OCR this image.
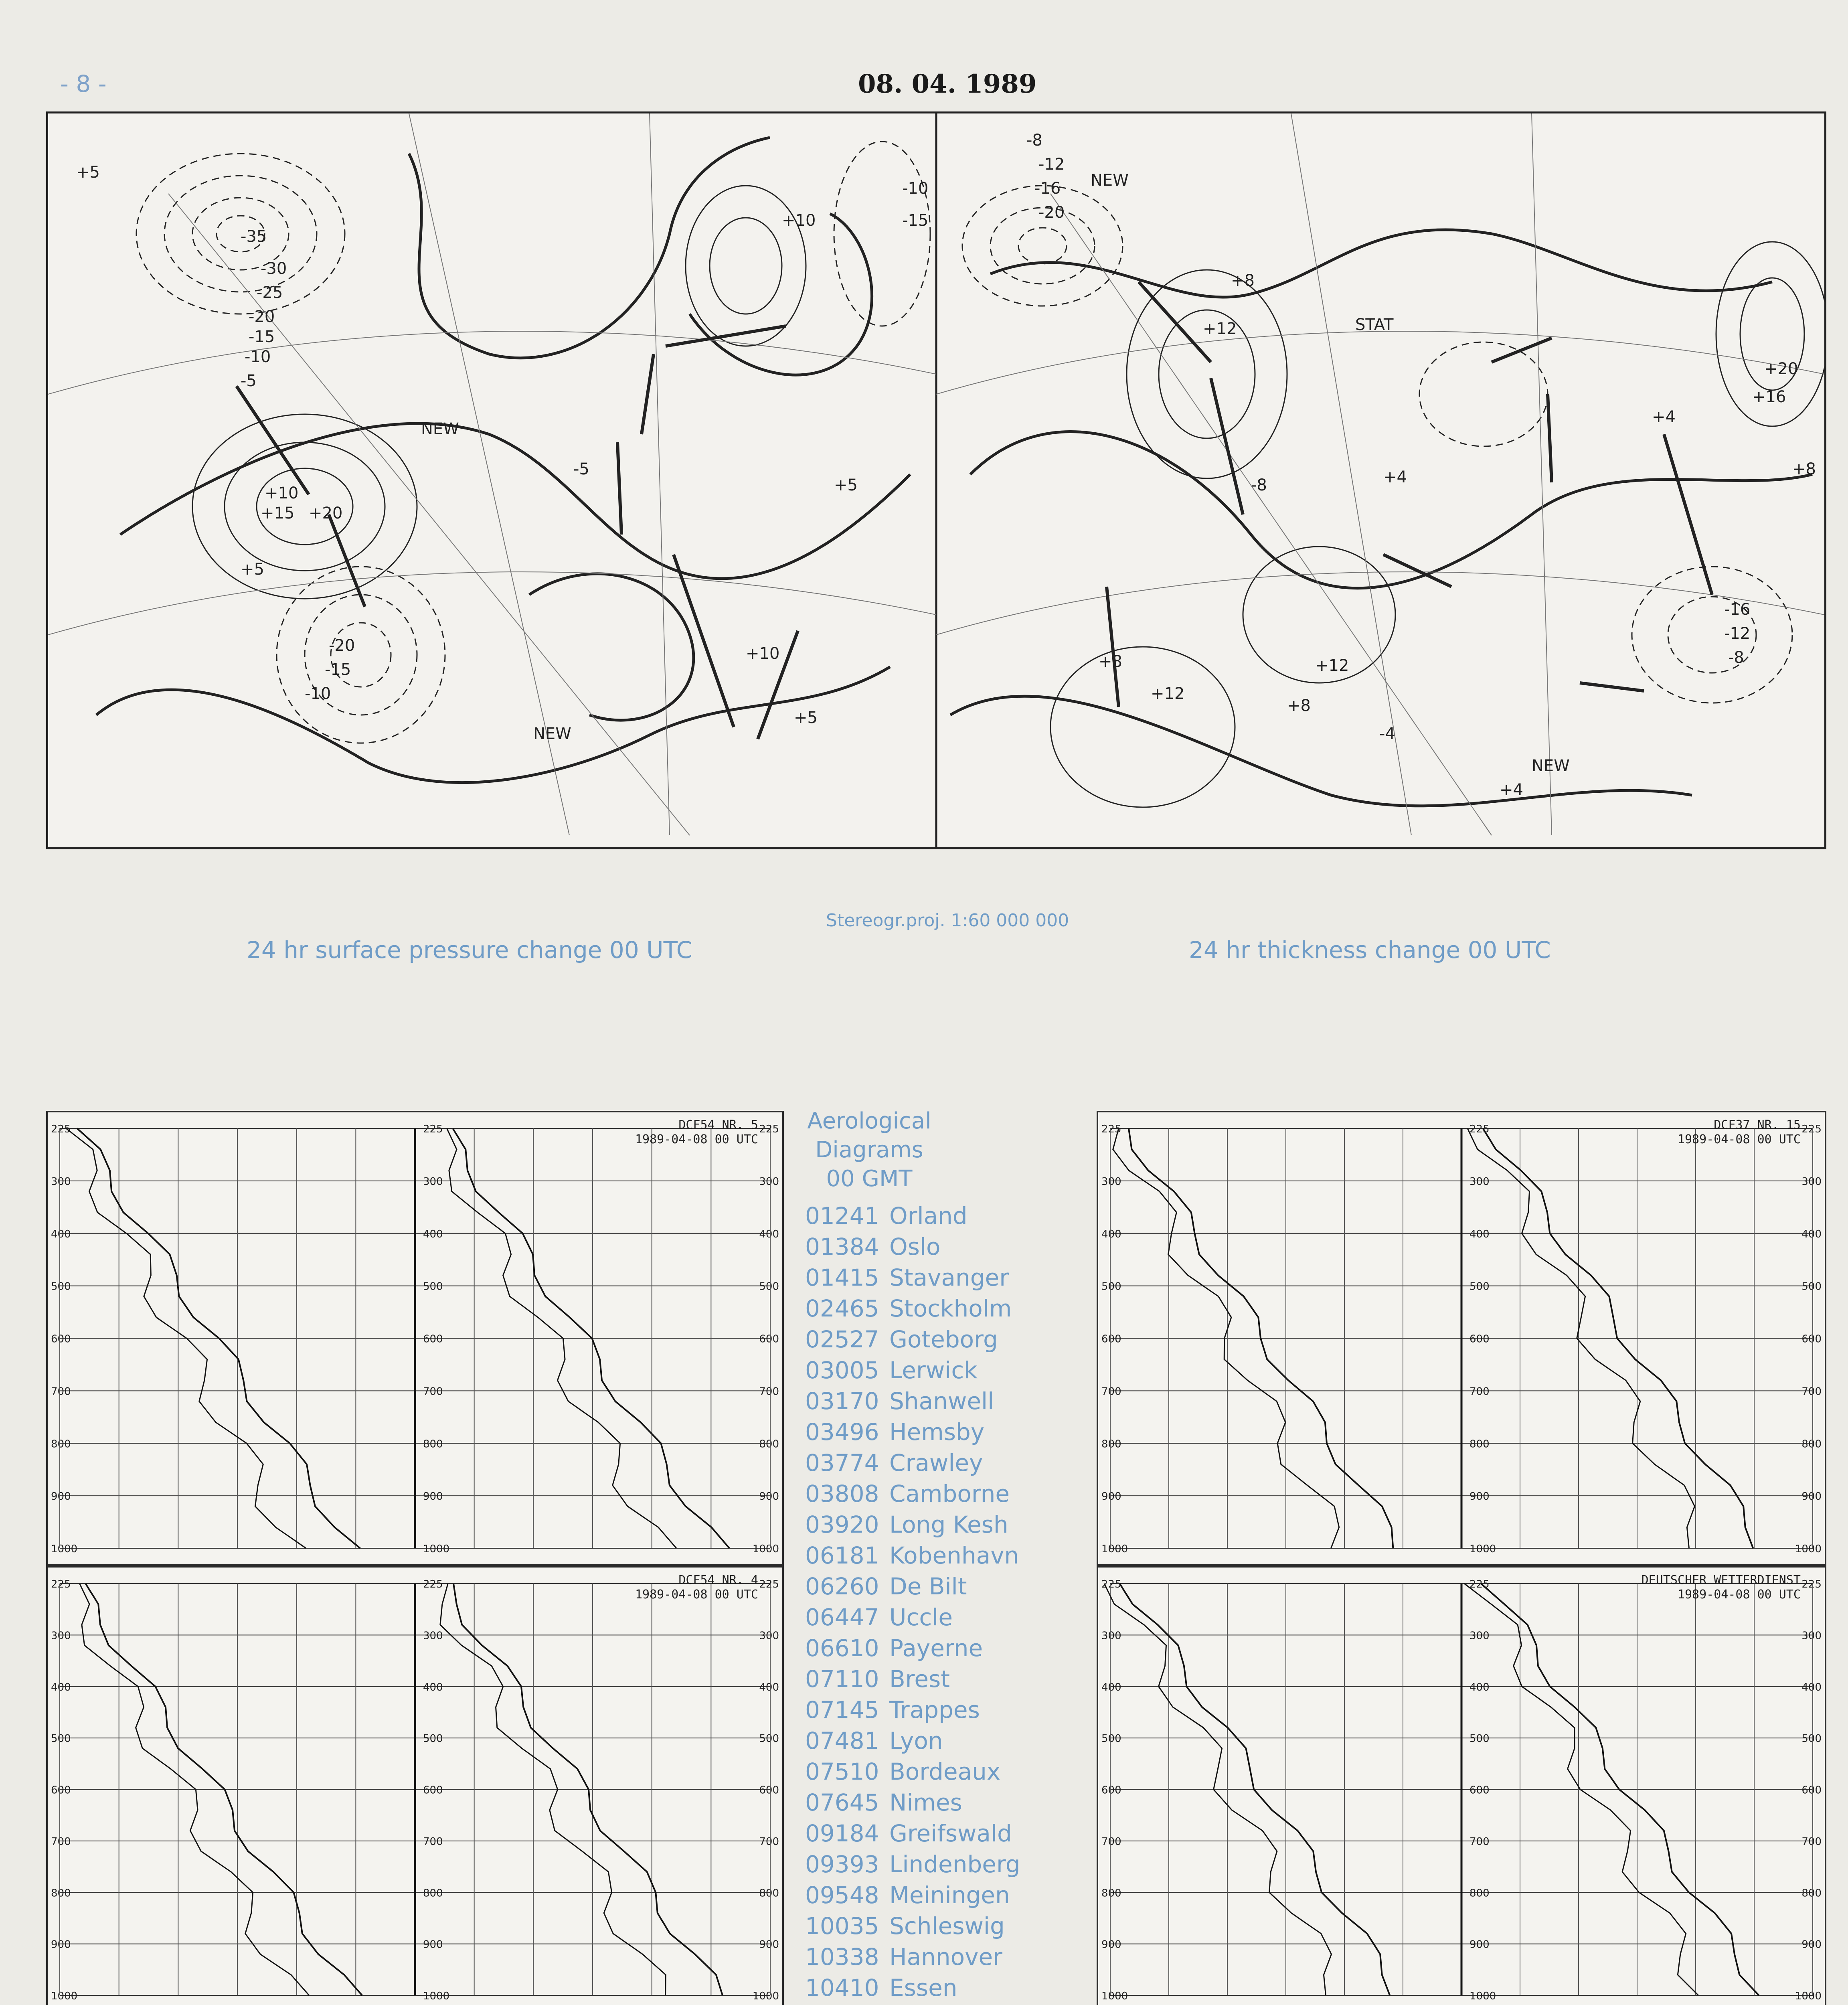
- 8 -	08. 04. 1989
+5
-35
-30
-25
-20
-15
-10
-5
+10
+15 +20
+5
NEW
+10
-5
-20
-15
-10
NEW
+5
-10
-15
+5
+10
NEW
-20
-16
-12
-8
+8
+12	STAT
+4
+16
+20
+12
+8
-4
+12
+8
+4
-8
NEW
-16
-12
-8
+4
+8
24 hr surface pressure change 00 UTC
Stereogr.proj. 1:60 000 000
24 hr thickness change 00 UTC
225	225
225
300	300
300
400	400
400
500	500
500
600	600
600
700	700
700
800	800
800
900	900
900
1000	1000
1000
DCF54 NR. 5
1989-04-08 00 UTC
225	225
225
300	300
300
400	400
400
500	500
500
600	600
600
700	700
700
800	800
800
900	900
900
1000	1000
1000
DCF54 NR. 4
1989-04-08 00 UTC
225	225
225
300	300
300
400	400
400
500	500
500
600	600
600
700	700
700
800	800
800
900	900
900
1000	1000
1000
DCF37 NR. 15
1989-04-08 00 UTC
225	225
225
300	300
300
400	400
400
500	500
500
600	600
600
700	700
700
800	800
800
900	900
900
1000	1000
1000
DEUTSCHER WETTERDIENST
1989-04-08 00 UTC
Aerological
Diagrams
00 GMT
01241 Orland
01384 Oslo
01415 Stavanger
02465 Stockholm
02527 Goteborg
03005 Lerwick
03170 Shanwell
03496 Hemsby
03774 Crawley
03808 Camborne
03920 Long Kesh
06181 Kobenhavn
06260 De Bilt
06447 Uccle
06610 Payerne
07110 Brest
07145 Trappes
07481 Lyon
07510 Bordeaux
07645 Nimes
09184 Greifswald
09393 Lindenberg
09548 Meiningen
10035 Schleswig
10338 Hannover
10410 Essen
